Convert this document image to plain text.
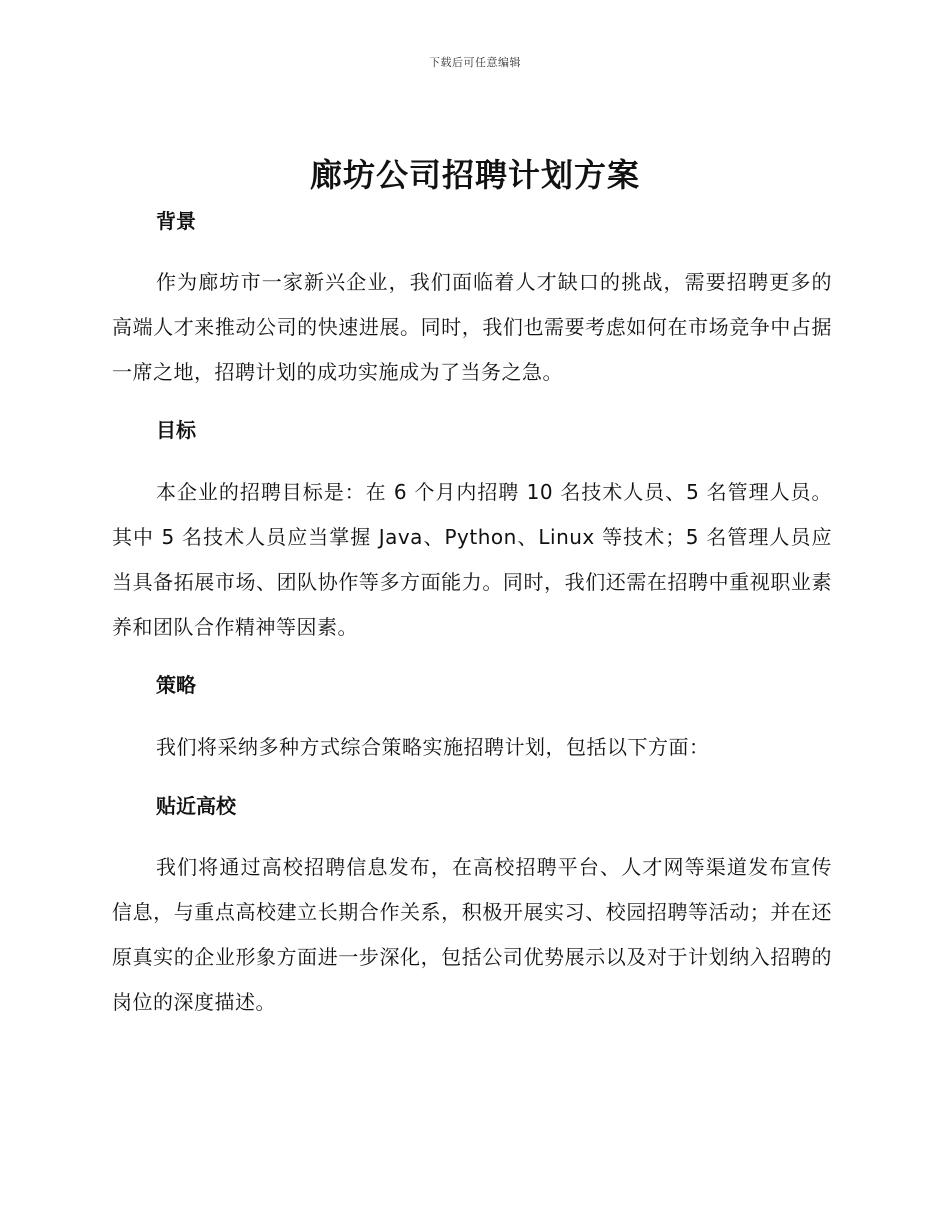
下载后可任意编辑
廊坊公司招聘计划方案
背景

作为廊坊市一家新兴企业，我们面临着人才缺口的挑战，需要招聘更多的高端人才来推动公司的快速进展。同时，我们也需要考虑如何在市场竞争中占据一席之地，招聘计划的成功实施成为了当务之急。

目标

本企业的招聘目标是：在 6 个月内招聘 10 名技术人员、5 名管理人员。其中 5 名技术人员应当掌握 Java、Python、Linux 等技术；5 名管理人员应当具备拓展市场、团队协作等多方面能力。同时，我们还需在招聘中重视职业素养和团队合作精神等因素。

策略

我们将采纳多种方式综合策略实施招聘计划，包括以下方面：

贴近高校

我们将通过高校招聘信息发布，在高校招聘平台、人才网等渠道发布宣传信息，与重点高校建立长期合作关系，积极开展实习、校园招聘等活动；并在还原真实的企业形象方面进一步深化，包括公司优势展示以及对于计划纳入招聘的岗位的深度描述。
